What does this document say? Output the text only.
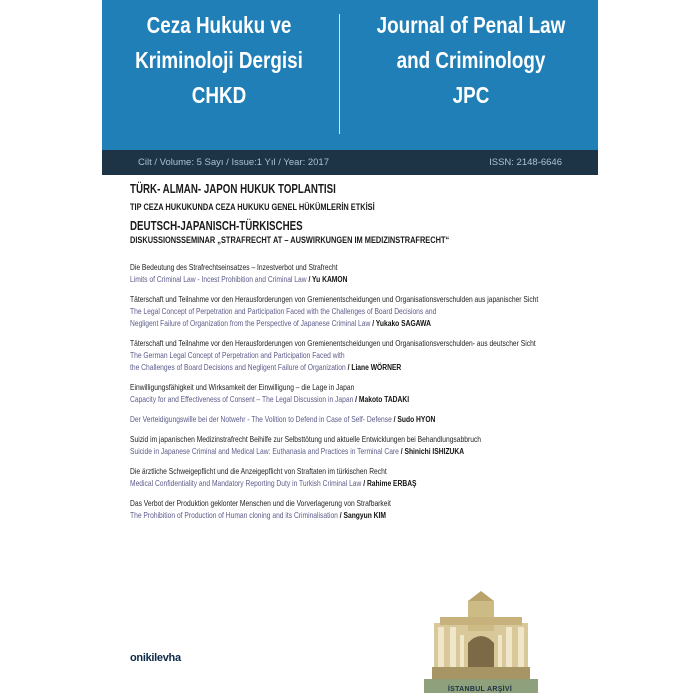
Ceza Hukuku ve
Kriminoloji Dergisi
CHKD
Journal of Penal Law
and Criminology
JPC
Cilt / Volume: 5 Sayı / Issue:1 Yıl / Year: 2017	ISSN: 2148-6646
TÜRK- ALMAN- JAPON HUKUK TOPLANTISI
TIP CEZA HUKUKUNDA CEZA HUKUKU GENEL HÜKÜMLERİN ETKİSİ
DEUTSCH-JAPANISCH-TÜRKISCHES
DISKUSSIONSSEMINAR „STRAFRECHT AT – AUSWIRKUNGEN IM MEDIZINSTRAFRECHT“
Die Bedeutung des Strafrechtseinsatzes – Inzestverbot und Strafrecht
Limits of Criminal Law - Incest Prohibition and Criminal Law / Yu KAMON
Täterschaft und Teilnahme vor den Herausforderungen von Gremienentscheidungen und Organisationsverschulden aus japanischer Sicht
The Legal Concept of Perpetration and Participation Faced with the Challenges of Board Decisions and
Negligent Failure of Organization from the Perspective of Japanese Criminal Law / Yukako SAGAWA
Täterschaft und Teilnahme vor den Herausforderungen von Gremienentscheidungen und Organisationsverschulden- aus deutscher Sicht
The German Legal Concept of Perpetration and Participation Faced with
the Challenges of Board Decisions and Negligent Failure of Organization / Liane WÖRNER
Einwilligungsfähigkeit und Wirksamkeit der Einwilligung – die Lage in Japan
Capacity for and Effectiveness of Consent – The Legal Discussion in Japan / Makoto TADAKI
Der Verteidigungswille bei der Notwehr - The Volition to Defend in Case of Self- Defense / Sudo HYON
Suizid im japanischen Medizinstrafrecht Beihilfe zur Selbsttötung und aktuelle Entwicklungen bei Behandlungsabbruch
Suicide in Japanese Criminal and Medical Law: Euthanasia and Practices in Terminal Care / Shinichi ISHIZUKA
Die ärztliche Schweigepflicht und die Anzeigepflicht von Straftaten im türkischen Recht
Medical Confidentiality and Mandatory Reporting Duty in Turkish Criminal Law / Rahime ERBAŞ
Das Verbot der Produktion geklonter Menschen und die Vorverlagerung von Strafbarkeit
The Prohibition of Production of Human cloning and its Criminalisation / Sangyun KIM
onikilevha
İSTANBUL ARŞİVİ
